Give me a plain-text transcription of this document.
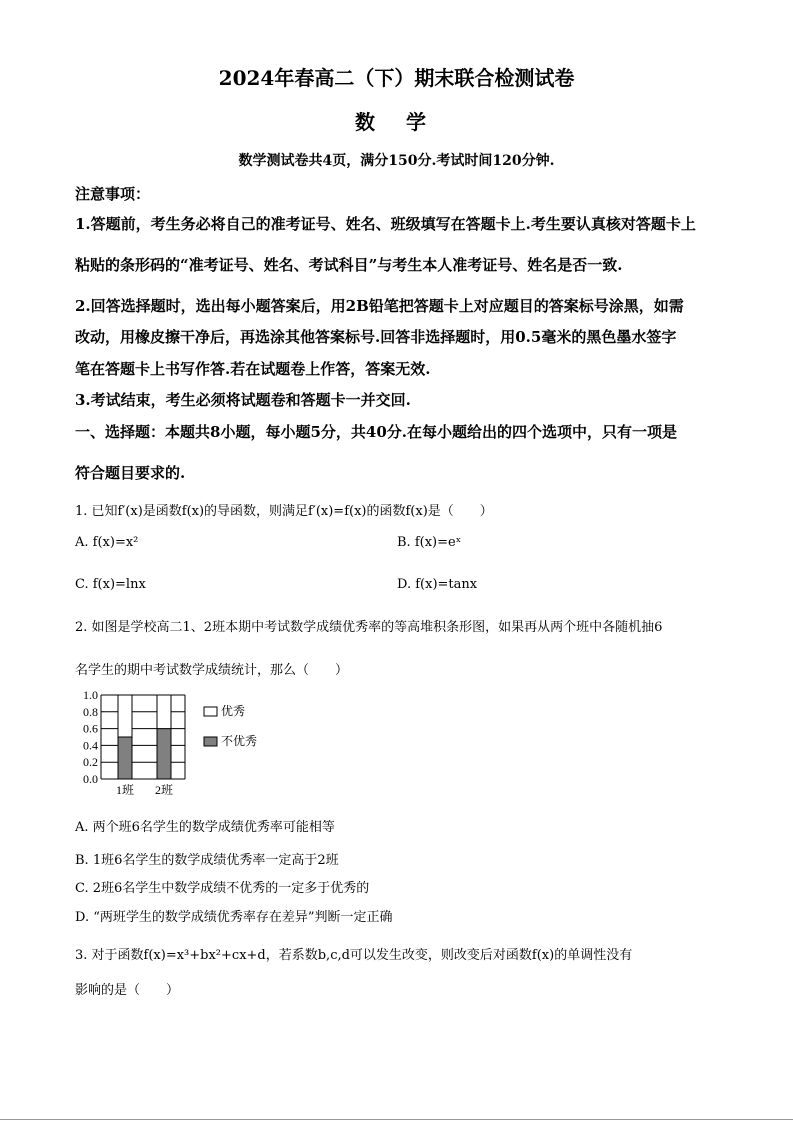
2024年春高二（下）期末联合检测试卷
数 学
数学测试卷共4页，满分150分.考试时间120分钟.
注意事项：
1.答题前，考生务必将自己的准考证号、姓名、班级填写在答题卡上.考生要认真核对答题卡上
粘贴的条形码的“准考证号、姓名、考试科目”与考生本人准考证号、姓名是否一致.
2.回答选择题时，选出每小题答案后，用2B铅笔把答题卡上对应题目的答案标号涂黑，如需
改动，用橡皮擦干净后，再选涂其他答案标号.回答非选择题时，用0.5毫米的黑色墨水签字
笔在答题卡上书写作答.若在试题卷上作答，答案无效.
3.考试结束，考生必须将试题卷和答题卡一并交回.
一、选择题：本题共8小题，每小题5分，共40分.在每小题给出的四个选项中，只有一项是
符合题目要求的.
1. 已知f′(x)是函数f(x)的导函数，则满足f′(x)=f(x)的函数f(x)是（　　）
A. f(x)=x²	B. f(x)=eˣ
C. f(x)=lnx	D. f(x)=tanx
2. 如图是学校高二1、2班本期中考试数学成绩优秀率的等高堆积条形图，如果再从两个班中各随机抽6
名学生的期中考试数学成绩统计，那么（　　）
0.0
0.2
0.4
0.6
0.8
1.0
1班 2班
优秀
不优秀
A. 两个班6名学生的数学成绩优秀率可能相等
B. 1班6名学生的数学成绩优秀率一定高于2班
C. 2班6名学生中数学成绩不优秀的一定多于优秀的
D. “两班学生的数学成绩优秀率存在差异”判断一定正确
3. 对于函数f(x)=x³+bx²+cx+d，若系数b,c,d可以发生改变，则改变后对函数f(x)的单调性没有
影响的是（　　）
